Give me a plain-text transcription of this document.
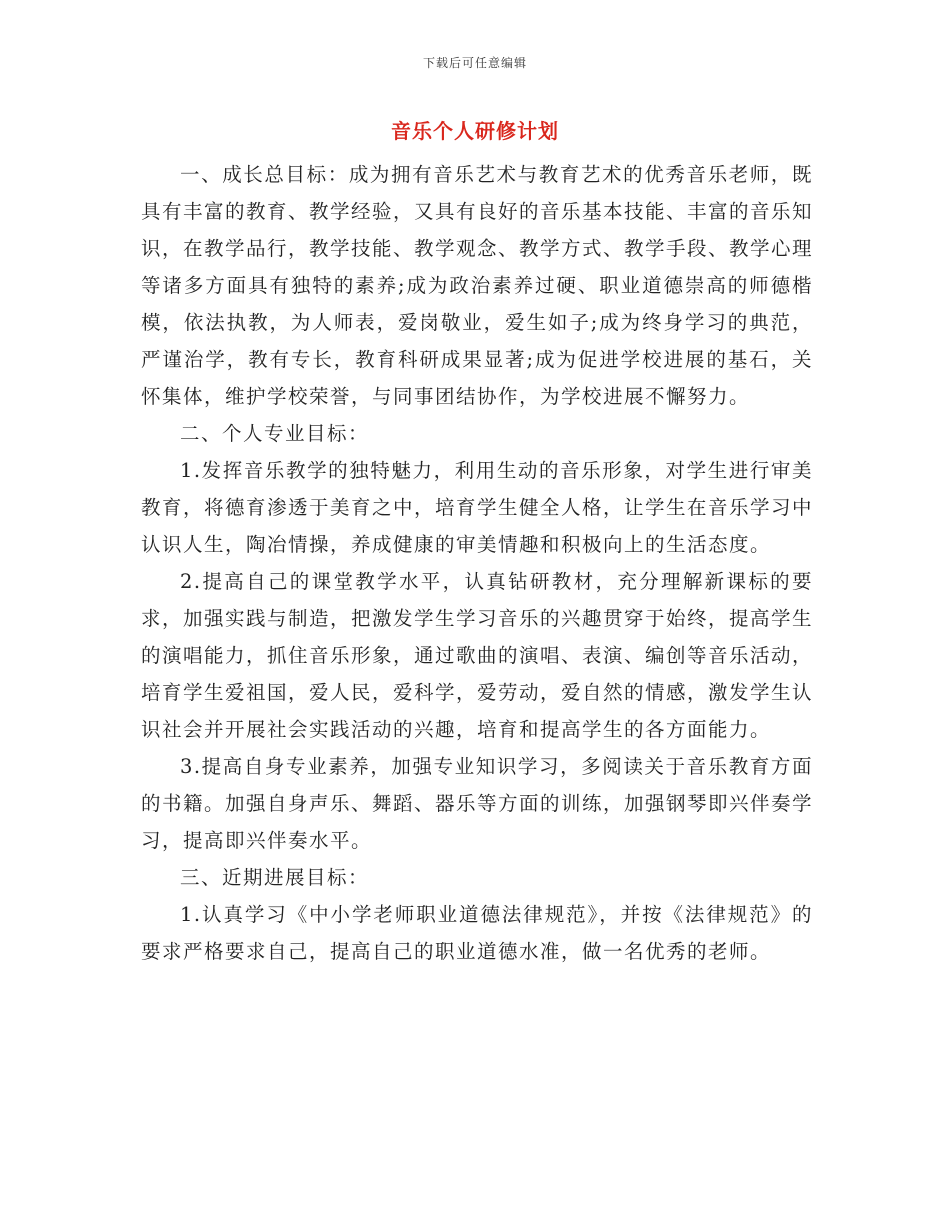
下载后可任意编辑
音乐个人研修计划

一、成长总目标：成为拥有音乐艺术与教育艺术的优秀音乐老师，既具有丰富的教育、教学经验，又具有良好的音乐基本技能、丰富的音乐知识，在教学品行，教学技能、教学观念、教学方式、教学手段、教学心理等诸多方面具有独特的素养;成为政治素养过硬、职业道德崇高的师德楷模，依法执教，为人师表，爱岗敬业，爱生如子;成为终身学习的典范，严谨治学，教有专长，教育科研成果显著;成为促进学校进展的基石，关怀集体，维护学校荣誉，与同事团结协作，为学校进展不懈努力。

二、个人专业目标：

1.发挥音乐教学的独特魅力，利用生动的音乐形象，对学生进行审美教育，将德育渗透于美育之中，培育学生健全人格，让学生在音乐学习中认识人生，陶冶情操，养成健康的审美情趣和积极向上的生活态度。

2.提高自己的课堂教学水平，认真钻研教材，充分理解新课标的要求，加强实践与制造，把激发学生学习音乐的兴趣贯穿于始终，提高学生的演唱能力，抓住音乐形象，通过歌曲的演唱、表演、编创等音乐活动，培育学生爱祖国，爱人民，爱科学，爱劳动，爱自然的情感，激发学生认识社会并开展社会实践活动的兴趣，培育和提高学生的各方面能力。

3.提高自身专业素养，加强专业知识学习，多阅读关于音乐教育方面的书籍。加强自身声乐、舞蹈、器乐等方面的训练，加强钢琴即兴伴奏学习，提高即兴伴奏水平。

三、近期进展目标：

1.认真学习《中小学老师职业道德法律规范》，并按《法律规范》的要求严格要求自己，提高自己的职业道德水准，做一名优秀的老师。
